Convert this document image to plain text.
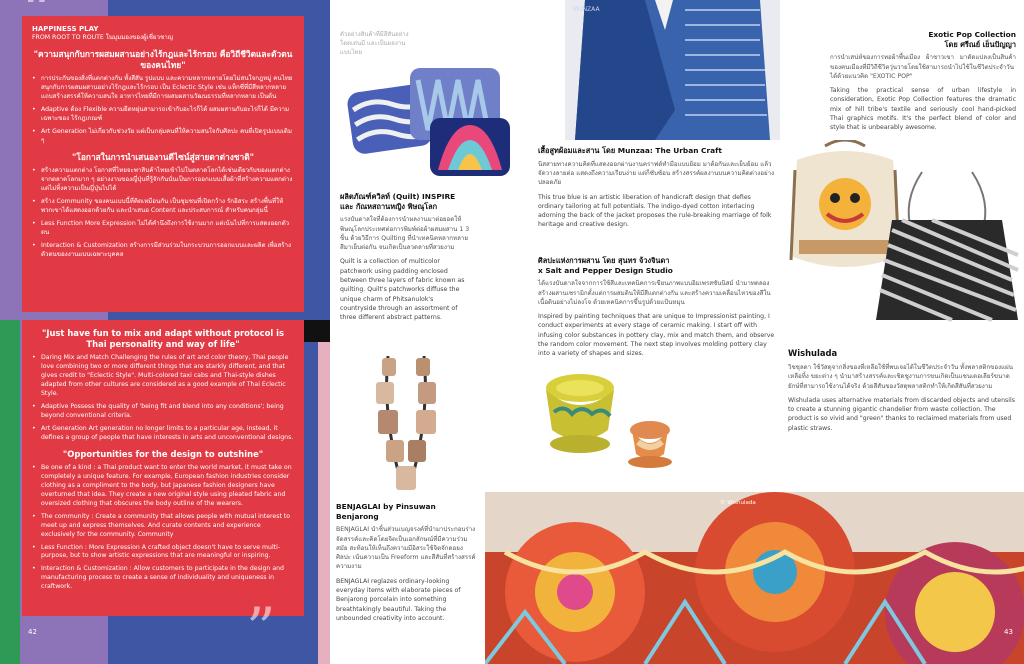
HAPPINESS PLAY
FROM ROOT TO ROUTE ในมุมมองของผู้เชี่ยวชาญ
"ความสนุกกับการผสมผสานอย่างไร้กฎและไร้กรอบ คือวิถีชีวิตและตัวตนของคนไทย"
• การประกันของสิ่งที่แตกต่างกัน ทั้งสีสัน รูปแบบ และความหลากหลายโดยไม่สนใจกฎหมู่ คนไทยสนุกกับการผสมผสานอย่างไร้กฎและไร้กรอบ เป็น Eclectic Style เช่น แท็กซี่ที่มีสีหลากหลายแถบสร้างสรรค์ให้ความสนใจ อาหารไทยที่มีการผสมผสานวัฒนธรรมที่หลากหลาย เป็นต้น
• Adaptive ต้อง Flexible ความยืดหยุ่นสามารถเข้ากับอะไรก็ได้ ผสมผสานกับอะไรก็ได้ มีความเฉพาะของ ไร้กฎเกณฑ์
• Art Generation ไม่เกี่ยวกับช่วงวัย แต่เป็นกลุ่มคนที่ให้ความสนใจกับศิลปะ คนที่เปิดรูปแบบเดิม ๆ
"โอกาสในการนำเสนองานดีไซน์สู่สายตาต่างชาติ"
• สร้างความแตกต่าง โอกาสที่ไทยจะพาสินค้าไทยเข้าไปในตลาดโลกได้เช่นเดียวกับของแตกต่างจากตลาดโลกมาก ๆ อย่างงานของญี่ปุ่นที่รู้จักกันนั่นเป็นการออกแบบเสื้อผ้าที่สร้างความแตกต่าง แต่ไม่ทิ้งความเป็นญี่ปุ่นไปได้
• สร้าง Community ของคนแบบนี้ที่คิดเหมือนกัน เป็นชุมชนที่เปิดกว้าง รักอิสระ สร้างพื้นที่ให้พวกเขาได้แสดงออกด้วยกัน และนำเสนอ Content และประสบการณ์ สำหรับคนกลุ่มนี้
• Less Function More Expression ไม่ได้คำนึงถึงการใช้งานมาก แต่เน้นไปที่การแสดงออกตัวตน
• Interaction & Customization สร้างการมีส่วนร่วมในกระบวนการออกแบบและผลิต เพื่อสร้างตัวตนของงานแบบเฉพาะบุคคล
"Just have fun to mix and adapt without protocol is Thai personality and way of life"
• Daring Mix and Match Challenging the rules of art and color theory, Thai people love combining two or more different things that are starkly different, and that gives credit to "Eclectic Style". Multi-colored taxi cabs and Thai-style dishes adapted from other cultures are considered as a good example of Thai Eclectic Style.
• Adaptive Possess the quality of 'being fit and blend into any conditions'; being beyond conventional criteria.
• Art Generation Art generation no longer limits to a particular age, instead, it defines a group of people that have interests in arts and unconventional designs.
"Opportunities for the design to outshine"
• Be one of a kind : a Thai product want to enter the world market, it must take on completely a unique feature. For example, European fashion industries consider clothing as a compliment to the body, but Japanese fashion designers have overturned that idea. They create a new original style using pleated fabric and oversized clothing that obscures the body outline of the wearers.
• The community : Create a community that allows people with mutual interest to meet up and express themselves. And curate contents and experience exclusively for the community. Community
• Less Function : More Expression A crafted object doesn't have to serve multi-purpose, but to show artistic expressions that are meaningful or inspiring.
• Interaction & Customization : Allow customers to participate in the design and manufacturing process to create a sense of individuality and uniqueness in craftwork.
”
42
ตัวอย่างสินค้าที่มีสีสันอย่างโดดเด่นมี และเป็นผลงานแบบไทย
ผลิตภัณฑ์ควิลท์ (Quilt) INSPIRE และ กัณหสถานหญิง พิษณุโลก

แรงบันดาลใจที่ต้องการนำผลงานมาต่อยอดให้พิษณุโลกประเทศต่อการพิมพ์ต่อผ้าผสมผสาน 1 3 ชิ้น ด้วยวิธีการ Quilting ที่นำเทคนิคหลากหลายสีมาเย็บต่อกัน จนเกิดเป็นลวดลายที่สวยงาม

Quilt is a collection of multicolor patchwork using padding enclosed between three layers of fabric known as quilting. Quilt's patchworks diffuse the unique charm of Phitsanulok's countryside through an assortment of three different abstract patterns.

BENJAGLAI by Pinsuwan Benjarong

BENJAGLAI นำชิ้นส่วนเบญจรงค์ที่นำมาประกอบร่าง จัดสรรค์และคิดโดยจิตเป็นเอกลักษณ์ที่มีความร่วมสมัย สะท้อนให้เห็นถึงความมีอิสระใช้จิตจักดอยงศิลปะ เน้นความเป็น Freeform และสีสันที่สร้างสรรค์ความงาม

BENJAGLAI reglazes ordinary-looking everyday items with elaborate pieces of Benjarong porcelain into something breathtakingly beautiful. Taking the unbounded creativity into account.

MUNZAA
เสื้อสูทผ้อมและสาน โดย Munzaa: The Urban Craft

นิสสายทางความคิดที่แสดงออกผ่านงานคราฟต์ทำมือแบบย้อม มาต้อกันและเย็บย้อม แล้วจัดวางลายต่อ แสดงถึงความเรียบง่าย แต่ก็ซับซ้อน สร้างสรรค์ผลงานบนความคิดต่างอย่างปลอดภัย

This true blue is an artistic liberation of handicraft design that defies ordinary tailoring at full potentials. The indigo-dyed cotton interlacing adorning the back of the jacket proposes the rule-breaking marriage of folk heritage and creative design.

ศิลปะแห่งการผสาน โดย สุนทร จ้วงจินดา
x Salt and Pepper Design Studio

ได้แรงบันดาลใจจากการใช้สีและเทคนิคการเขียนภาพแบบอิมเพรสชันนิสม์ นำมาทดลองสร้างผสานเซรามิกตั้งแต่การผสมดินให้มีสีแตกต่างกัน และสร้างความเคลื่อนไหวของสีในเนื้อดินอย่างไม่ลงโจ ด้วยเทคนิคการขึ้นรูปด้วยแป้นหมุน

Inspired by painting techniques that are unique to Impressionist painting, I conduct experiments at every stage of ceramic making. I start off with infusing color substances in pottery clay, mix and match them, and observe the random color movement. The next step involves molding pottery clay into a variety of shapes and sizes.

Exotic Pop Collection
โดย ศรีณย์ เย็นปัญญา

การนำเสน่ห์ของการทอผ้าพื้นเมือง ผ้าชาวเขา มาตัดแปลงเป็นสินค้าของคนเมืองที่มีวิถีชีวิตวุ่นวายโดยใช้สามารถนำไปใช้ในชีวิตประจำวันได้ด้วยแนวคิด "EXOTIC POP"

Taking the practical sense of urban lifestyle in consideration, Exotic Pop Collection features the dramatic mix of hill tribe's textile and seriously cool hand-picked Thai graphics motifs. It's the perfect blend of color and style that is unbearably awesome.

Wishulada

วิชชุลดา ใช้วัสดุจากสิ่งของที่เหลือใช้ที่พบเจอได้ในชีวิตประจำวัน ทั้งพลาสติกของแผ่นเหลือทิ้ง ขยะต่าง ๆ นำมาสร้างสรรค์และเชิดชูงานการขนเกิดเป็นแชนเดอเลียร์ขนาดยักษ์ที่สามารถใช้งานได้จริง ด้วยสีสันของวัสดุพลาสติกทำให้เกิดสีสันที่สวยงาม

Wishulada uses alternative materials from discarded objects and utensils to create a stunning gigantic chandelier from waste collection. The product is so vivid and "green" thanks to reclaimed materials from used plastic straws.

© Wishulada
43
